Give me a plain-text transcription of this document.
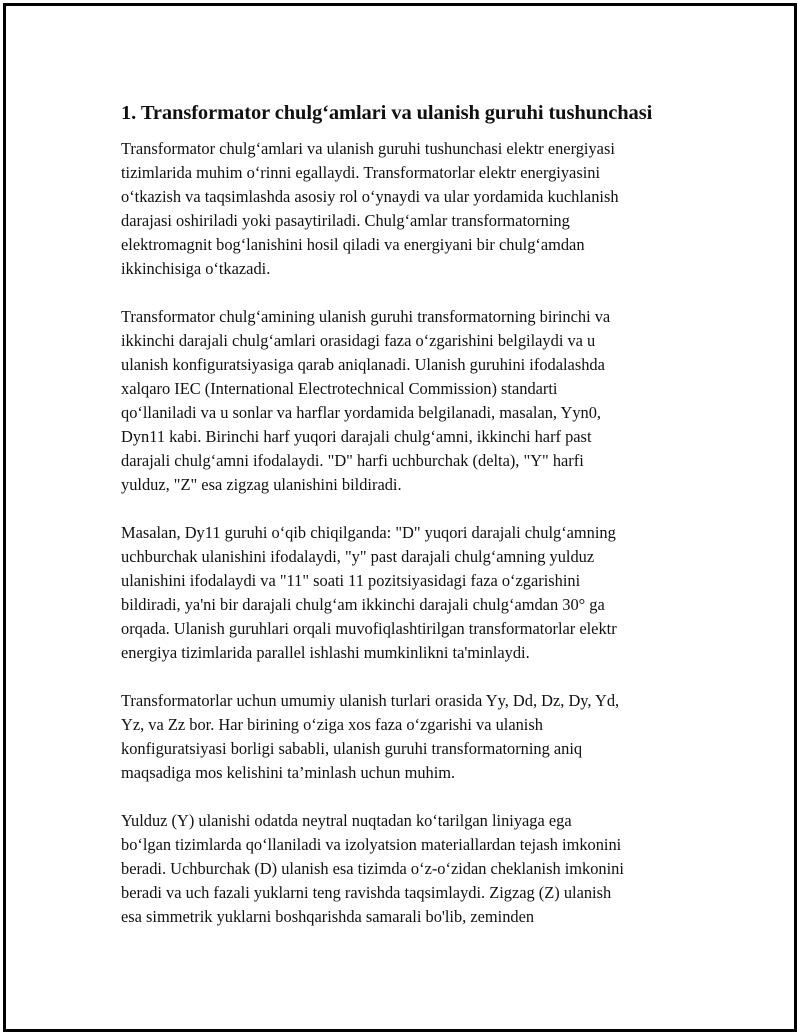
1. Transformator chulg‘amlari va ulanish guruhi tushunchasi

Transformator chulg‘amlari va ulanish guruhi tushunchasi elektr energiyasi
tizimlarida muhim o‘rinni egallaydi. Transformatorlar elektr energiyasini
o‘tkazish va taqsimlashda asosiy rol o‘ynaydi va ular yordamida kuchlanish
darajasi oshiriladi yoki pasaytiriladi. Chulg‘amlar transformatorning
elektromagnit bog‘lanishini hosil qiladi va energiyani bir chulg‘amdan
ikkinchisiga o‘tkazadi.

Transformator chulg‘amining ulanish guruhi transformatorning birinchi va
ikkinchi darajali chulg‘amlari orasidagi faza o‘zgarishini belgilaydi va u
ulanish konfiguratsiyasiga qarab aniqlanadi. Ulanish guruhini ifodalashda
xalqaro IEC (International Electrotechnical Commission) standarti
qo‘llaniladi va u sonlar va harflar yordamida belgilanadi, masalan, Yyn0,
Dyn11 kabi. Birinchi harf yuqori darajali chulg‘amni, ikkinchi harf past
darajali chulg‘amni ifodalaydi. "D" harfi uchburchak (delta), "Y" harfi
yulduz, "Z" esa zigzag ulanishini bildiradi.

Masalan, Dy11 guruhi o‘qib chiqilganda: "D" yuqori darajali chulg‘amning
uchburchak ulanishini ifodalaydi, "y" past darajali chulg‘amning yulduz
ulanishini ifodalaydi va "11" soati 11 pozitsiyasidagi faza o‘zgarishini
bildiradi, ya'ni bir darajali chulg‘am ikkinchi darajali chulg‘amdan 30° ga
orqada. Ulanish guruhlari orqali muvofiqlashtirilgan transformatorlar elektr
energiya tizimlarida parallel ishlashi mumkinlikni ta'minlaydi.

Transformatorlar uchun umumiy ulanish turlari orasida Yy, Dd, Dz, Dy, Yd,
Yz, va Zz bor. Har birining o‘ziga xos faza o‘zgarishi va ulanish
konfiguratsiyasi borligi sababli, ulanish guruhi transformatorning aniq
maqsadiga mos kelishini ta’minlash uchun muhim.

Yulduz (Y) ulanishi odatda neytral nuqtadan ko‘tarilgan liniyaga ega
bo‘lgan tizimlarda qo‘llaniladi va izolyatsion materiallardan tejash imkonini
beradi. Uchburchak (D) ulanish esa tizimda o‘z-o‘zidan cheklanish imkonini
beradi va uch fazali yuklarni teng ravishda taqsimlaydi. Zigzag (Z) ulanish
esa simmetrik yuklarni boshqarishda samarali bo'lib, zeminden
